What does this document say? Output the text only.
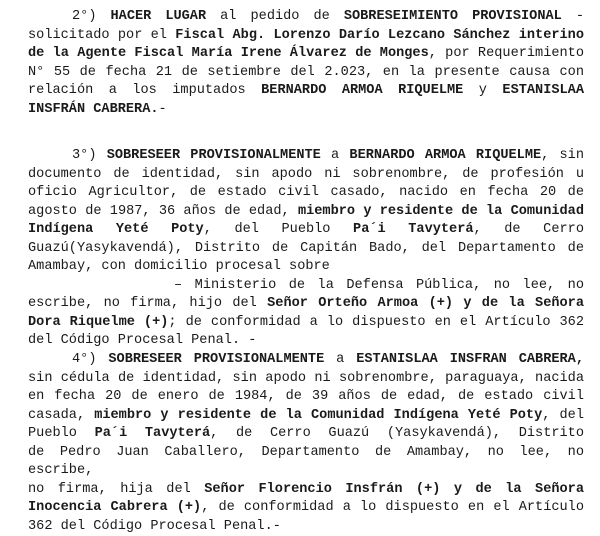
2°) HACER LUGAR al pedido de SOBRESEIMIENTO PROVISIONAL -
solicitado por el Fiscal Abg. Lorenzo Darío Lezcano Sánchez interino
de la Agente Fiscal María Irene Álvarez de Monges, por Requerimiento
N° 55 de fecha 21 de setiembre del 2.023, en la presente causa con
relación a los imputados BERNARDO ARMOA RIQUELME y ESTANISLAA
INSFRÁN CABRERA.-
3°) SOBRESEER PROVISIONALMENTE a BERNARDO ARMOA RIQUELME, sin
documento de identidad, sin apodo ni sobrenombre, de profesión u
oficio Agricultor, de estado civil casado, nacido en fecha 20 de
agosto de 1987, 36 años de edad, miembro y residente de la Comunidad
Indígena Yeté Poty, del Pueblo Pa´i Tavyterá, de Cerro
Guazú(Yasykavendá), Distrito de Capitán Bado, del Departamento de
Amambay, con domicilio procesal sobre
– Ministerio de la Defensa Pública, no lee, no
escribe, no firma, hijo del Señor Orteño Armoa (+) y de la Señora
Dora Riquelme (+); de conformidad a lo dispuesto en el Artículo 362
del Código Procesal Penal. -
4°) SOBRESEER PROVISIONALMENTE a ESTANISLAA INSFRAN CABRERA,
sin cédula de identidad, sin apodo ni sobrenombre, paraguaya, nacida
en fecha 20 de enero de 1984, de 39 años de edad, de estado civil
casada, miembro y residente de la Comunidad Indígena Yeté Poty, del
Pueblo Pa´i Tavyterá, de Cerro Guazú (Yasykavendá), Distrito
de Pedro Juan Caballero, Departamento de Amambay, no lee, no escribe,
no firma, hija del Señor Florencio Insfrán (+) y de la Señora
Inocencia Cabrera (+), de conformidad a lo dispuesto en el Artículo
362 del Código Procesal Penal.-
